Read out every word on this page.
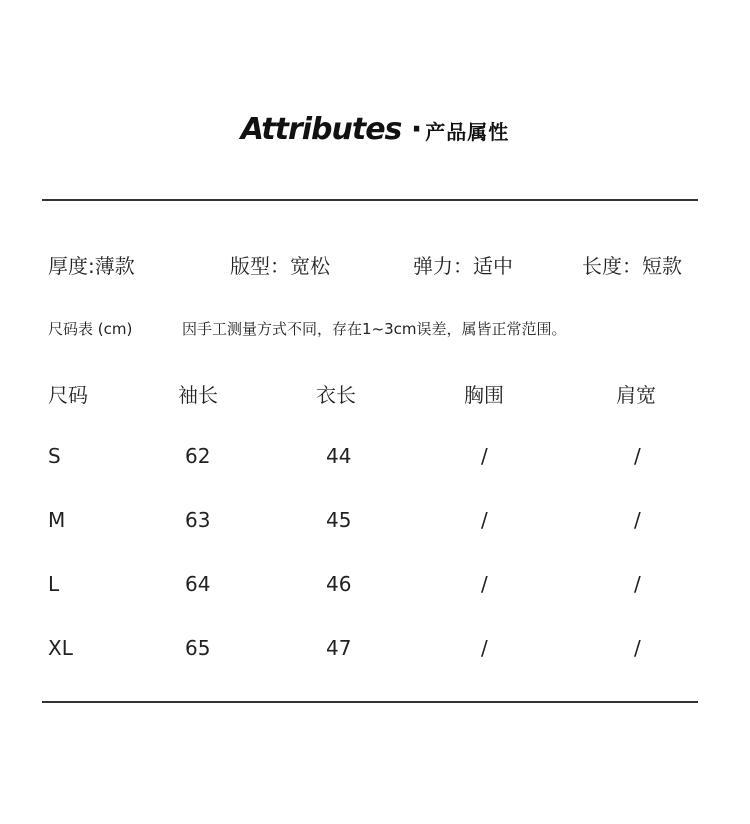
Attributes · 产品属性
厚度:薄款	版型：宽松	弹力：适中	长度：短款
尺码表 (cm)	因手工测量方式不同，存在1~3cm误差，属皆正常范围。
尺码	袖长	衣长	胸围	肩宽
S	62	44	/	/
M	63	45	/	/
L	64	46	/	/
XL	65	47	/	/
